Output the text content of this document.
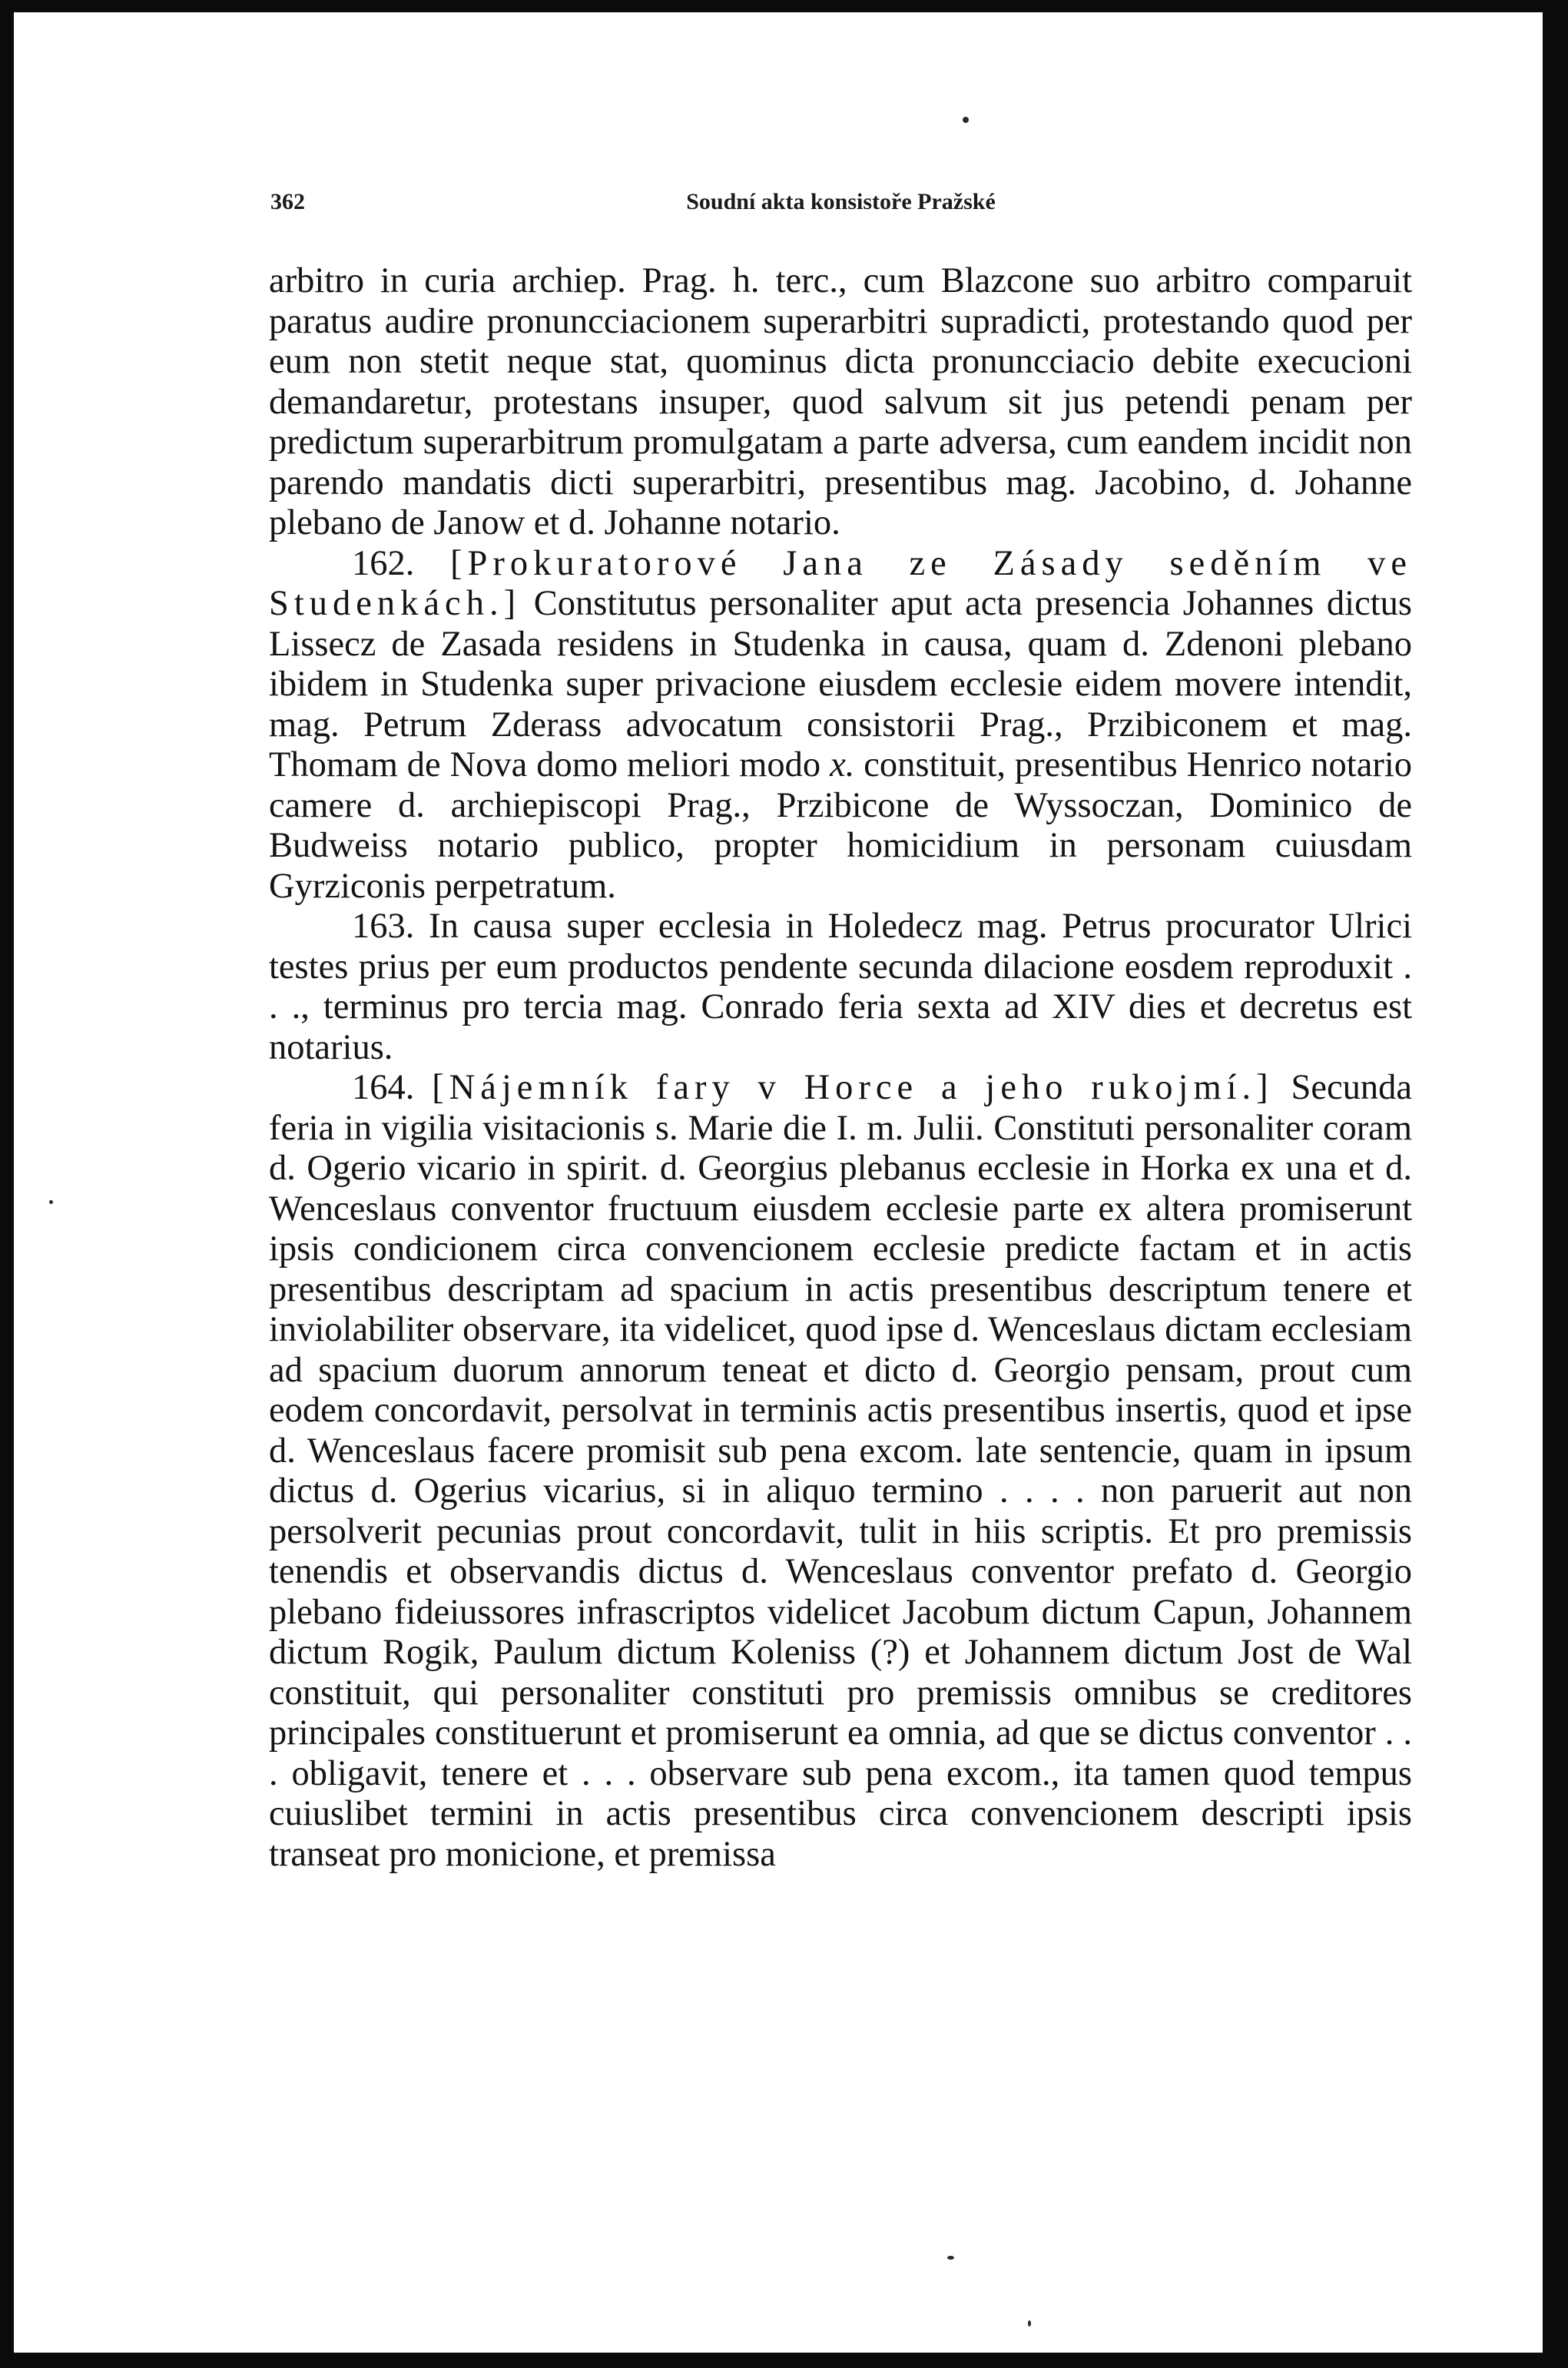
362	Soudní akta konsistoře Pražské

arbitro in curia archiep. Prag. h. terc., cum Blazcone suo arbitro comparuit paratus audire pronuncciacionem superarbitri supradicti, protestando quod per eum non stetit neque stat, quominus dicta pronuncciacio debite execucioni demandaretur, protestans insuper, quod salvum sit jus petendi penam per predictum superarbitrum promulgatam a parte adversa, cum eandem incidit non parendo mandatis dicti superarbitri, presentibus mag. Jacobino, d. Johanne plebano de Janow et d. Johanne notario.

162. [Prokuratorové Jana ze Zásady seděním ve Studenkách.] Constitutus personaliter aput acta presencia Johannes dictus Lissecz de Zasada residens in Studenka in causa, quam d. Zdenoni plebano ibidem in Studenka super privacione eiusdem ecclesie eidem movere intendit, mag. Petrum Zderass advocatum consistorii Prag., Przibiconem et mag. Thomam de Nova domo meliori modo x. constituit, presentibus Henrico notario camere d. archiepiscopi Prag., Przibicone de Wyssoczan, Dominico de Budweiss notario publico, propter homicidium in personam cuiusdam Gyrziconis perpetratum.

163. In causa super ecclesia in Holedecz mag. Petrus procurator Ulrici testes prius per eum productos pendente secunda dilacione eosdem reproduxit . . ., terminus pro tercia mag. Conrado feria sexta ad XIV dies et decretus est notarius.

164. [Nájemník fary v Horce a jeho rukojmí.] Secunda feria in vigilia visitacionis s. Marie die I. m. Julii. Constituti personaliter coram d. Ogerio vicario in spirit. d. Georgius plebanus ecclesie in Horka ex una et d. Wenceslaus conventor fructuum eiusdem ecclesie parte ex altera promiserunt ipsis condicionem circa convencionem ecclesie predicte factam et in actis presentibus descriptam ad spacium in actis presentibus descriptum tenere et inviolabiliter observare, ita videlicet, quod ipse d. Wenceslaus dictam ecclesiam ad spacium duorum annorum teneat et dicto d. Georgio pensam, prout cum eodem concordavit, persolvat in terminis actis presentibus insertis, quod et ipse d. Wenceslaus facere promisit sub pena excom. late sentencie, quam in ipsum dictus d. Ogerius vicarius, si in aliquo termino . . . . non paruerit aut non persolverit pecunias prout concordavit, tulit in hiis scriptis. Et pro premissis tenendis et observandis dictus d. Wenceslaus conventor prefato d. Georgio plebano fideiussores infrascriptos videlicet Jacobum dictum Capun, Johannem dictum Rogik, Paulum dictum Koleniss (?) et Johannem dictum Jost de Wal constituit, qui personaliter constituti pro premissis omnibus se creditores principales constituerunt et promiserunt ea omnia, ad que se dictus conventor . . . obligavit, tenere et . . . observare sub pena excom., ita tamen quod tempus cuiuslibet termini in actis presentibus circa convencionem descripti ipsis transeat pro monicione, et premissa
